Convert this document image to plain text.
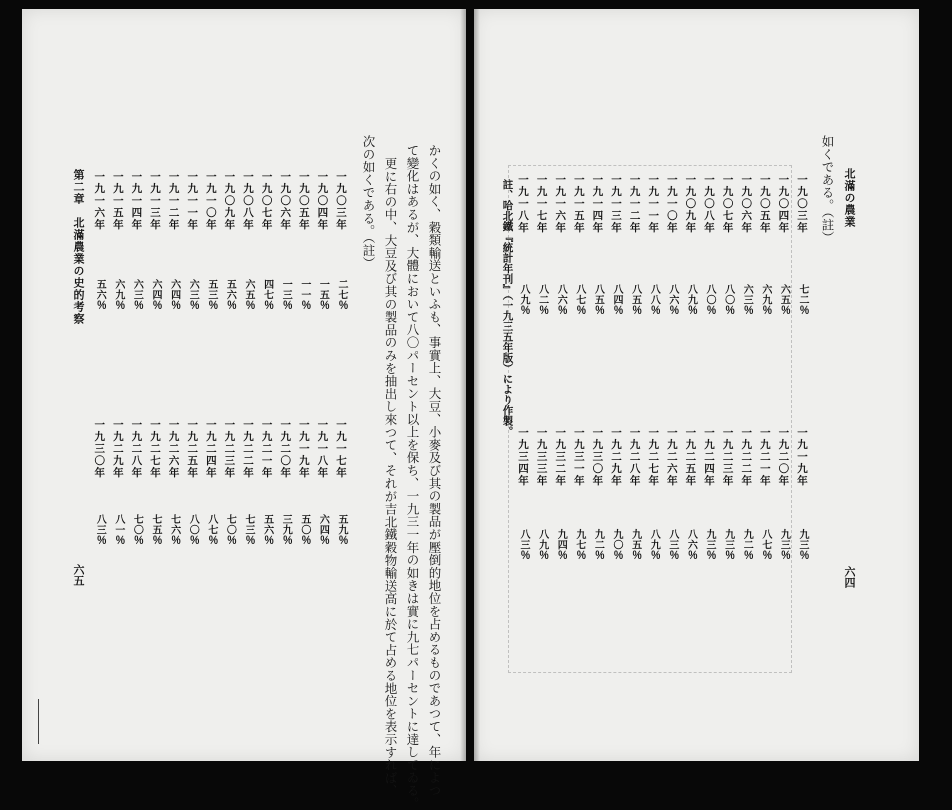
かくの如く、穀類輸送といふも、事實上、大豆、小麥及び其の製品が壓倒的地位を占めるものであつて、年によつ
て變化はあるが、大體において八〇パーセント以上を保ち、一九三一年の如きは實に九七パーセントに達してゐる。
更に右の中、大豆及び其の製品のみを抽出し來つて、それが吉北鐵穀物輸送高に於て占める地位を表示すれば、
次の如くである。（註）
一九〇三年
二七％
一九〇四年
一五％
一九〇五年
一一％
一九〇六年
一三％
一九〇七年
四七％
一九〇八年
六五％
一九〇九年
五六％
一九一〇年
五三％
一九一一年
六三％
一九一二年
六四％
一九一三年
六四％
一九一四年
六三％
一九一五年
六九％
一九一六年
五六％
一九一七年
五九％
一九一八年
六四％
一九一九年
五〇％
一九二〇年
三九％
一九二一年
五六％
一九二二年
七三％
一九二三年
七〇％
一九二四年
八七％
一九二五年
八〇％
一九二六年
七六％
一九二七年
七五％
一九二八年
七〇％
一九二九年
八一％
一九三〇年
八三％
第二章　北滿農業の史的考察
六五
北滿の農業
六四
如くである。（註）
一九〇三年
七二％
一九〇四年
六五％
一九〇五年
六九％
一九〇六年
六三％
一九〇七年
八〇％
一九〇八年
八〇％
一九〇九年
八九％
一九一〇年
八六％
一九一一年
八八％
一九一二年
八五％
一九一三年
八四％
一九一四年
八五％
一九一五年
八七％
一九一六年
八六％
一九一七年
八二％
一九一八年
八九％
一九一九年
九三％
一九二〇年
九三％
一九二一年
八七％
一九二二年
九二％
一九二三年
九三％
一九二四年
九三％
一九二五年
八六％
一九二六年
八三％
一九二七年
八九％
一九二八年
九五％
一九二九年
九〇％
一九三〇年
九二％
一九三一年
九七％
一九三二年
九四％
一九三三年
八九％
一九三四年
八三％
註、哈北鐵『統計年刊』（一九三五年版）により作製。
